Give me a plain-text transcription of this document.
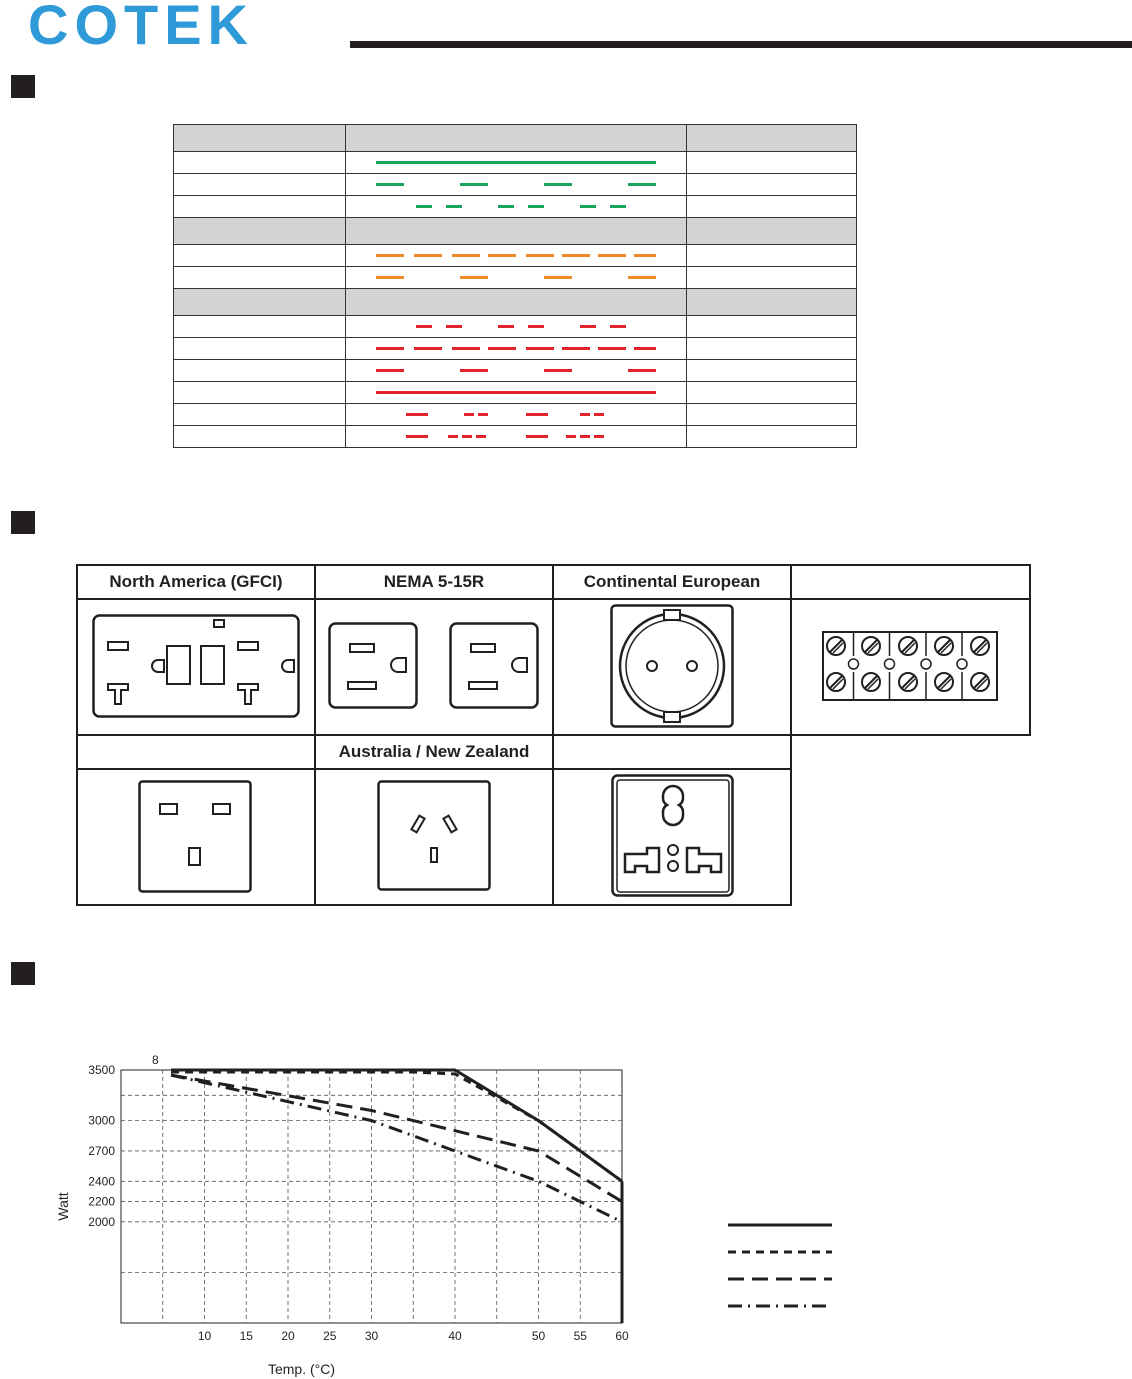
COTEK

North America (GFCI)	NEMA 5-15R	Continental European
Australia / New Zealand
10 15 20 25 30	40	50 55 60
2000
2200
2400
2700
3000
3500
8
Watt
Temp. (°C)
